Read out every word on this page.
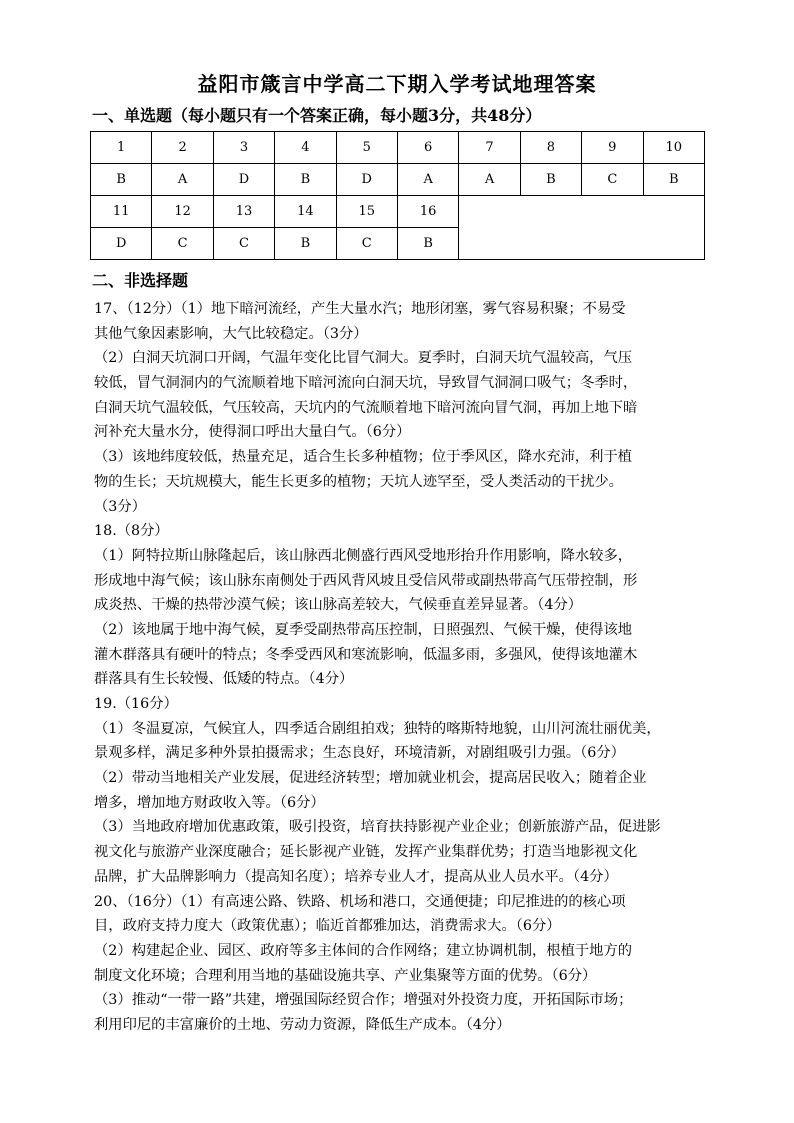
益阳市箴言中学高二下期入学考试地理答案
一、单选题（每小题只有一个答案正确，每小题3分，共48分）
1	2	3	4	5	6	7	8	9	10
B	A	D	B	D	A	A	B	C	B
11	12	13	14	15	16				
D	C	C	B	C	B				
二、非选择题
17、（12分）（1）地下暗河流经，产生大量水汽；地形闭塞，雾气容易积聚；不易受
其他气象因素影响，大气比较稳定。（3分）
（2）白洞天坑洞口开阔，气温年变化比冒气洞大。夏季时，白洞天坑气温较高，气压
较低，冒气洞洞内的气流顺着地下暗河流向白洞天坑，导致冒气洞洞口吸气；冬季时，
白洞天坑气温较低，气压较高，天坑内的气流顺着地下暗河流向冒气洞，再加上地下暗
河补充大量水分，使得洞口呼出大量白气。（6分）
（3）该地纬度较低，热量充足，适合生长多种植物；位于季风区，降水充沛，利于植
物的生长；天坑规模大，能生长更多的植物；天坑人迹罕至，受人类活动的干扰少。
（3分）
18.（8分）
（1）阿特拉斯山脉隆起后，该山脉西北侧盛行西风受地形抬升作用影响，降水较多，
形成地中海气候；该山脉东南侧处于西风背风坡且受信风带或副热带高气压带控制，形
成炎热、干燥的热带沙漠气候；该山脉高差较大，气候垂直差异显著。（4分）
（2）该地属于地中海气候，夏季受副热带高压控制，日照强烈、气候干燥，使得该地
灌木群落具有硬叶的特点；冬季受西风和寒流影响，低温多雨，多强风，使得该地灌木
群落具有生长较慢、低矮的特点。（4分）
19.（16分）
（1）冬温夏凉，气候宜人，四季适合剧组拍戏；独特的喀斯特地貌，山川河流壮丽优美，
景观多样，满足多种外景拍摄需求；生态良好，环境清新，对剧组吸引力强。（6分）
（2）带动当地相关产业发展，促进经济转型；增加就业机会，提高居民收入；随着企业
增多，增加地方财政收入等。（6分）
（3）当地政府增加优惠政策，吸引投资，培育扶持影视产业企业；创新旅游产品，促进影
视文化与旅游产业深度融合；延长影视产业链，发挥产业集群优势；打造当地影视文化
品牌，扩大品牌影响力（提高知名度）；培养专业人才，提高从业人员水平。（4分）
20、（16分）（1）有高速公路、铁路、机场和港口，交通便捷；印尼推进的的核心项
目，政府支持力度大（政策优惠）；临近首都雅加达，消费需求大。（6分）
（2）构建起企业、园区、政府等多主体间的合作网络；建立协调机制，根植于地方的
制度文化环境；合理利用当地的基础设施共享、产业集聚等方面的优势。（6分）
（3）推动“一带一路”共建，增强国际经贸合作；增强对外投资力度，开拓国际市场；
利用印尼的丰富廉价的土地、劳动力资源，降低生产成本。（4分）
